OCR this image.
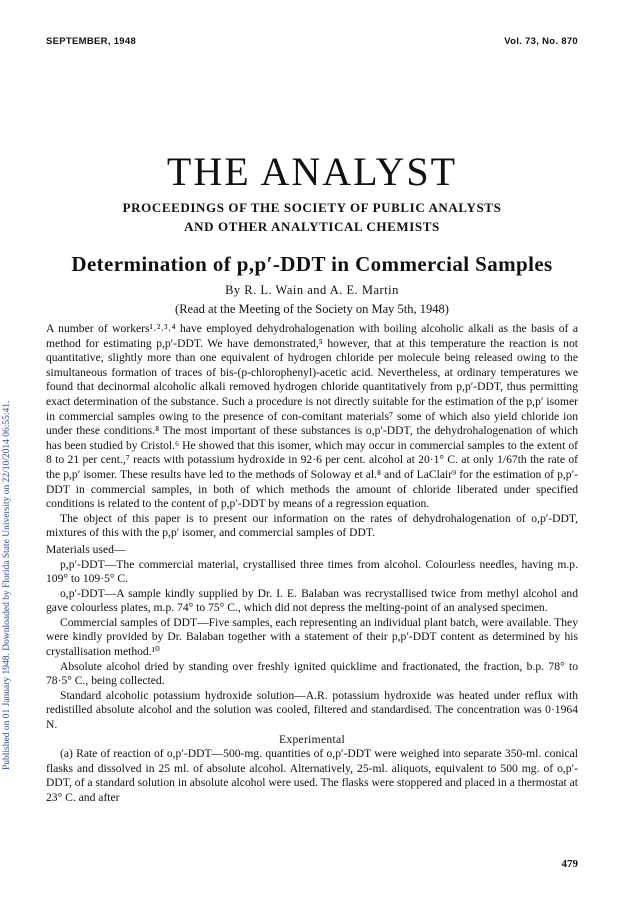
SEPTEMBER, 1948	Vol. 73, No. 870
Published on 01 January 1948. Downloaded by Florida State University on 22/10/2014 06:55:41.
THE ANALYST
PROCEEDINGS OF THE SOCIETY OF PUBLIC ANALYSTS
AND OTHER ANALYTICAL CHEMISTS
Determination of p,p′-DDT in Commercial Samples
By R. L. Wain and A. E. Martin
(Read at the Meeting of the Society on May 5th, 1948)

A number of workers¹˒²˒³˒⁴ have employed dehydrohalogenation with boiling alcoholic alkali as the basis of a method for estimating p,p′-DDT. We have demonstrated,⁵ however, that at this temperature the reaction is not quantitative, slightly more than one equivalent of hydrogen chloride per molecule being released owing to the simultaneous formation of traces of bis-(p-chlorophenyl)-acetic acid. Nevertheless, at ordinary temperatures we found that decinormal alcoholic alkali removed hydrogen chloride quantitatively from p,p′-DDT, thus permitting exact determination of the substance. Such a procedure is not directly suitable for the estimation of the p,p′ isomer in commercial samples owing to the presence of con-comitant materials⁷ some of which also yield chloride ion under these conditions.⁸ The most important of these substances is o,p′-DDT, the dehydrohalogenation of which has been studied by Cristol.⁶ He showed that this isomer, which may occur in commercial samples to the extent of 8 to 21 per cent.,⁷ reacts with potassium hydroxide in 92·6 per cent. alcohol at 20·1° C. at only 1/67th the rate of the p,p′ isomer. These results have led to the methods of Soloway et al.⁸ and of LaClair⁹ for the estimation of p,p′-DDT in commercial samples, in both of which methods the amount of chloride liberated under specified conditions is related to the content of p,p′-DDT by means of a regression equation.

The object of this paper is to present our information on the rates of dehydrohalogenation of o,p′-DDT, mixtures of this with the p,p′ isomer, and commercial samples of DDT.

Materials used—

p,p′-DDT—The commercial material, crystallised three times from alcohol. Colourless needles, having m.p. 109° to 109·5° C.

o,p′-DDT—A sample kindly supplied by Dr. I. E. Balaban was recrystallised twice from methyl alcohol and gave colourless plates, m.p. 74° to 75° C., which did not depress the melting-point of an analysed specimen.

Commercial samples of DDT—Five samples, each representing an individual plant batch, were available. They were kindly provided by Dr. Balaban together with a statement of their p,p′-DDT content as determined by his crystallisation method.¹⁰

Absolute alcohol dried by standing over freshly ignited quicklime and fractionated, the fraction, b.p. 78° to 78·5° C., being collected.

Standard alcoholic potassium hydroxide solution—A.R. potassium hydroxide was heated under reflux with redistilled absolute alcohol and the solution was cooled, filtered and standardised. The concentration was 0·1964 N.

Experimental

(a) Rate of reaction of o,p′-DDT—500-mg. quantities of o,p′-DDT were weighed into separate 350-ml. conical flasks and dissolved in 25 ml. of absolute alcohol. Alternatively, 25-ml. aliquots, equivalent to 500 mg. of o,p′-DDT, of a standard solution in absolute alcohol were used. The flasks were stoppered and placed in a thermostat at 23° C. and after

479
